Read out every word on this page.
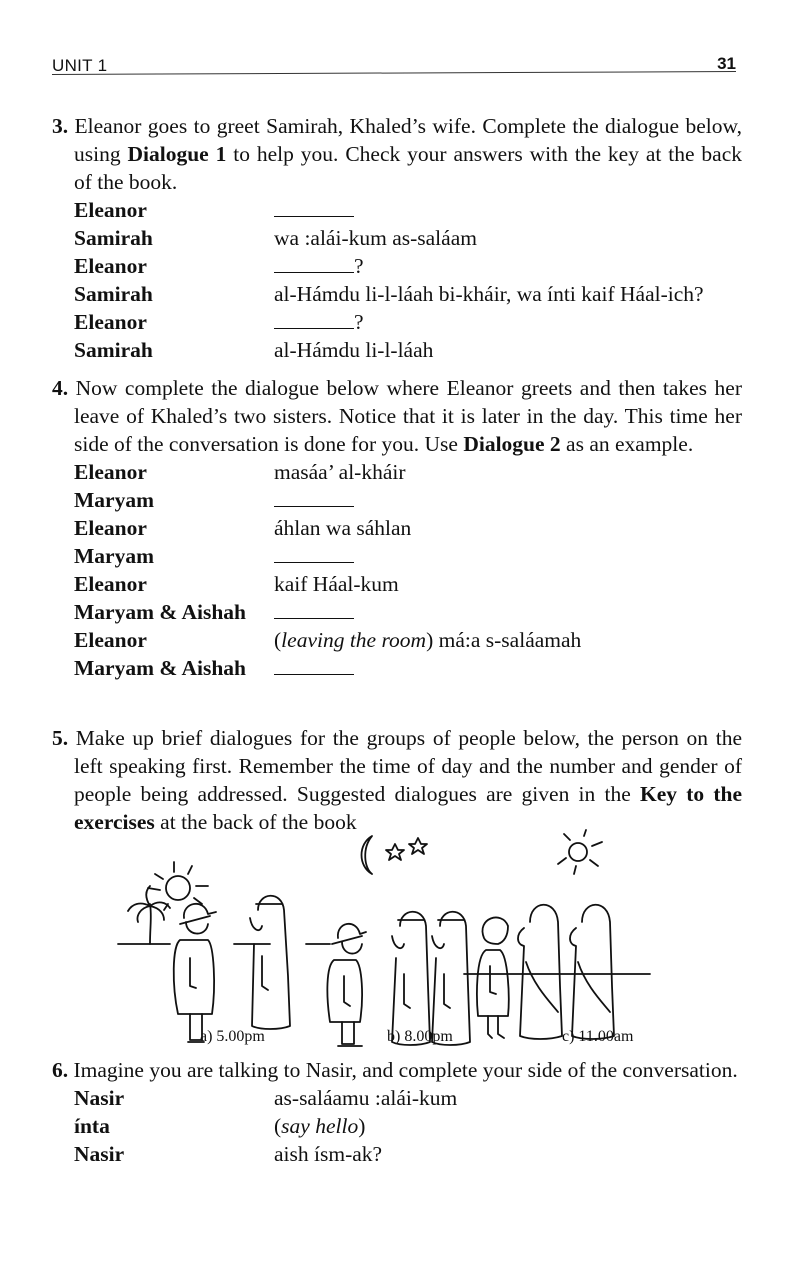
UNIT 1	31

3. Eleanor goes to greet Samirah, Khaled’s wife. Complete the dialogue below, using Dialogue 1 to help you. Check your answers with the key at the back of the book.

Eleanor
Samirah	wa :alái-kum as-saláam
Eleanor	?
Samirah	al-Hámdu li-l-láah bi-kháir, wa ínti kaif Háal-ich?
Eleanor	?
Samirah	al-Hámdu li-l-láah

4. Now complete the dialogue below where Eleanor greets and then takes her leave of Khaled’s two sisters. Notice that it is later in the day. This time her side of the conversation is done for you. Use Dialogue 2 as an example.

Eleanor	masáa’ al-kháir
Maryam
Eleanor	áhlan wa sáhlan
Maryam
Eleanor	kaif Háal-kum
Maryam & Aishah
Eleanor	(leaving the room) má:a s-saláamah
Maryam & Aishah

5. Make up brief dialogues for the groups of people below, the person on the left speaking first. Remember the time of day and the number and gender of people being addressed. Suggested dialogues are given in the Key to the exercises at the back of the book

a) 5.00pm	b) 8.00pm	c) 11.00am

6. Imagine you are talking to Nasir, and complete your side of the conversation.

Nasir	as-saláamu :alái-kum
ínta	(say hello)
Nasir	aish ísm-ak?
